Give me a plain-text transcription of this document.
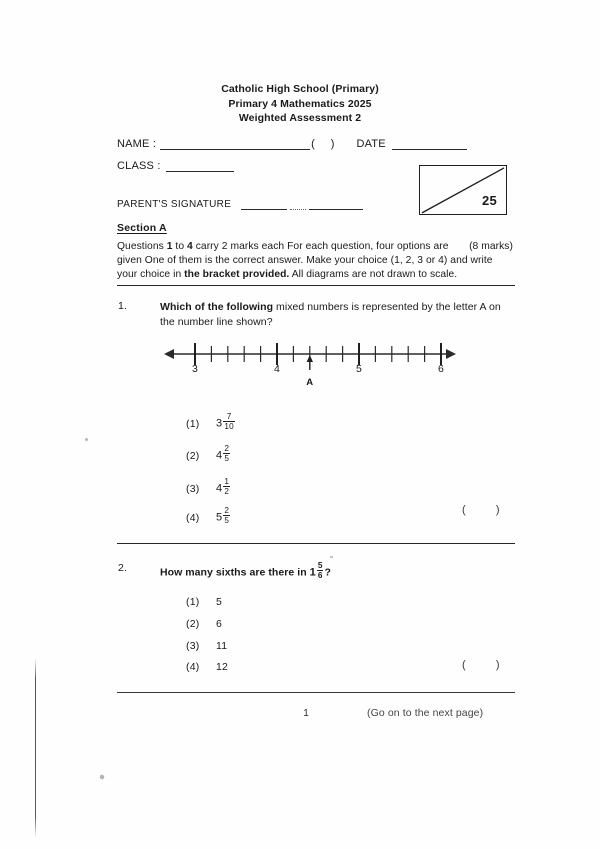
Catholic High School (Primary)
Primary 4 Mathematics 2025
Weighted Assessment 2
NAME :	( ) DATE
CLASS :
PARENT'S SIGNATURE	25
Section A
(8 marks)
Questions 1 to 4 carry 2 marks each For each question, four options are given One of them is the correct answer. Make your choice (1, 2, 3 or 4) and write your choice in the bracket provided. All diagrams are not drawn to scale.
1.	Which of the following mixed numbers is represented by the letter A on the number line shown?
3	4	5	6
A
(1) $3 \frac{7}{10}$
(2) $4 \frac{2}{5}$
(3) $4 \frac{1}{2}$
(4) $5 \frac{2}{5}$	(	)
2.	How many sixths are there in $1 \frac{5}{6}$ ?
(1) 5
(2) 6
(3) 11
(4) 12	(	)
1	(Go on to the next page)
